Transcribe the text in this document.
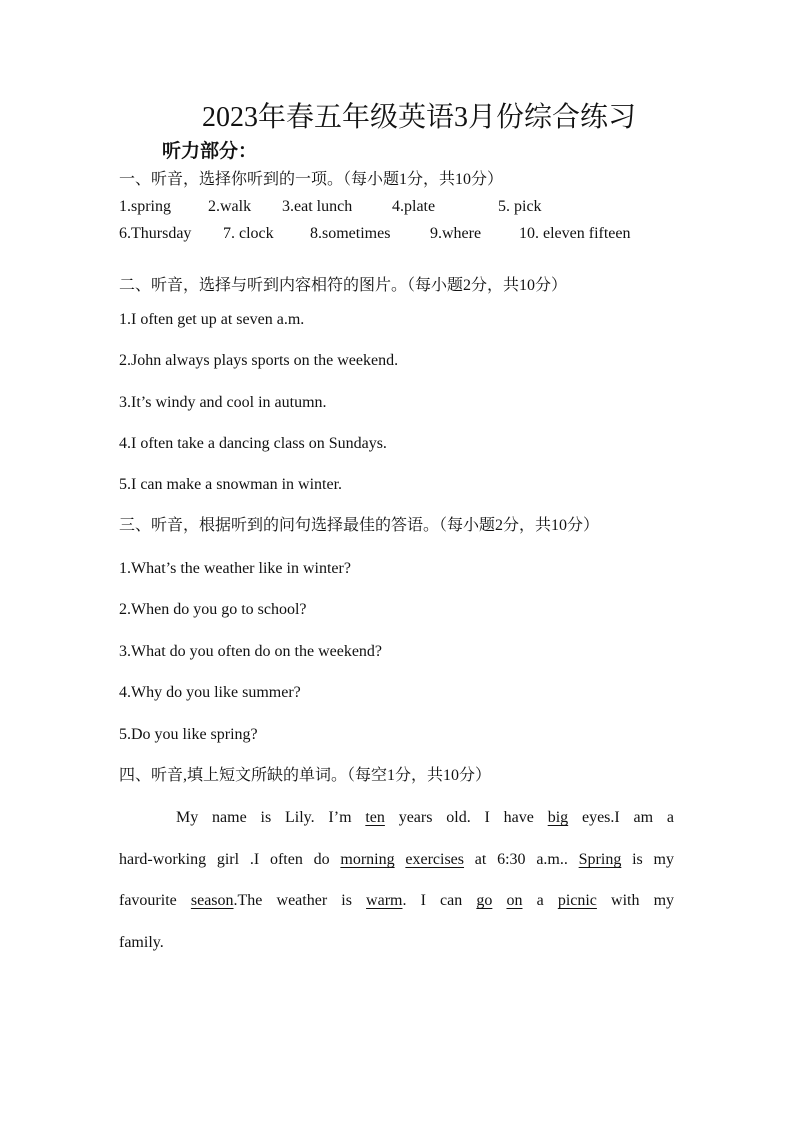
2023年春五年级英语3月份综合练习
听力部分：
一、听音，选择你听到的一项。（每小题1分，共10分）
1.spring 2.walk 3.eat lunch 4.plate	5. pick
6.Thursday 7. clock 8.sometimes 9.where 10. eleven fifteen
二、听音，选择与听到内容相符的图片。（每小题2分，共10分）
1.I often get up at seven a.m.
2.John always plays sports on the weekend.
3.It’s windy and cool in autumn.
4.I often take a dancing class on Sundays.
5.I can make a snowman in winter.
三、听音，根据听到的问句选择最佳的答语。（每小题2分，共10分）
1.What’s the weather like in winter?
2.When do you go to school?
3.What do you often do on the weekend?
4.Why do you like summer?
5.Do you like spring?
四、听音,填上短文所缺的单词。（每空1分，共10分）
My name is Lily. I’m ten years old. I have big eyes.I am a
hard-working girl .I often do morning exercises at 6:30 a.m.. Spring is my
favourite season.The weather is warm. I can go on a picnic with my
family.
